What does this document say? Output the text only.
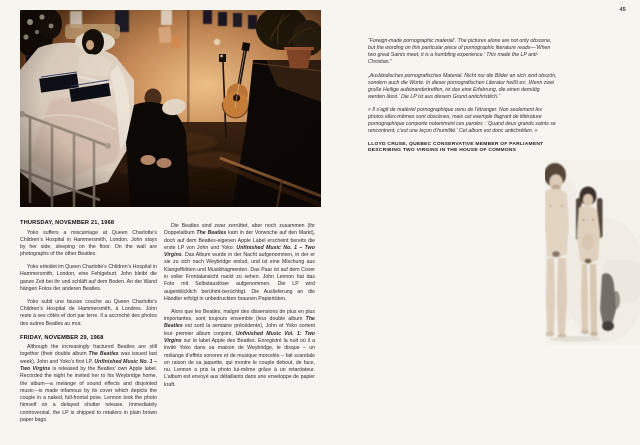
45
THURSDAY, NOVEMBER 21, 1968

Yoko suffers a miscarriage at Queen Charlotte’s Children’s Hospital in Hammersmith, London. John stays by her side, sleeping on the floor. On the wall are photographs of the other Beatles.

Yoko erleidet im Queen Charlotte’s Children’s Hospital in Hammersmith, London, eine Fehlgeburt. John bleibt die ganze Zeit bei ihr und schläft auf dem Boden. An der Wand hängen Fotos der anderen Beatles.

Yoko subit une fausse couche au Queen Charlotte’s Children’s Hospital de Hammersmith, à Londres. John reste à ses côtés et dort par terre. Il a accroché des photos des autres Beatles au mur.

FRIDAY, NOVEMBER 29, 1968

Although the increasingly fractured Beatles are still together (their double album The Beatles was issued last week), John and Yoko’s first LP, Unfinished Music No. 1 – Two Virgins is released by the Beatles’ own Apple label. Recorded the night he invited her to his Weybridge home, the album—a melange of sound effects and disjointed music—is made infamous by its cover which depicts the couple in a naked, full-frontal pose. Lennon took the photo himself on a delayed shutter release. Immediately controversial, the LP is shipped to retailers in plain brown paper bags.

Die Beatles sind zwar zerrüttet, aber noch zusammen (ihr Doppelalbum The Beatles kam in der Vorwoche auf den Markt), doch auf dem Beatles-eigenen Apple Label erscheint bereits die erste LP von John und Yoko: Unfinished Music No. 1 – Two Virgins. Das Album wurde in der Nacht aufgenommen, in der er sie zu sich nach Weybridge einlud, und ist eine Mischung aus Klangeffekten und Musikfragmenten. Das Paar ist auf dem Cover in voller Frontalansicht nackt zu sehen. John Lennon hat das Foto mit Selbstauslöser aufgenommen. Die LP wird augenblicklich berühmt-berüchtigt. Die Auslieferung an die Händler erfolgt in unbedruckten braunen Papiertüten.

Alors que les Beatles, malgré des dissensions de plus en plus importantes, sont toujours ensemble (leur double album The Beatles est sorti la semaine précédente), John et Yoko sortent leur premier album conjoint, Unfinished Music Vol. 1: Two Virgins sur le label Apple des Beatles. Enregistré la nuit où il a invité Yoko dans sa maison de Weybridge, le disque – un mélange d’effets sonores et de musique morcelés – fait scandale en raison de sa jaquette, qui montre le couple debout, de face, nu. Lennon a pris la photo lui-même grâce à un retardateur. L’album est envoyé aux détaillants dans une enveloppe de papier kraft.

“Foreign-made pornographic material’. The pictures alone are not only obscene, but the wording on this particular piece of pornographic literature reads—‘When two great Saints meet, it is a humbling experience.’ This made the LP anti-Christian.”

„Ausländisches pornografisches Material. Nicht nur die Bilder an sich sind obszön, sondern auch die Worte. In dieser pornografischen Literatur heißt es: ‚Wenn zwei große Heilige aufeinandertreffen, ist das eine Erfahrung, die einen demütig werden lässt.‘ Die LP ist aus diesem Grund antichristlich.“

« Il s’agit de matériel pornographique venu de l’étranger. Non seulement les photos elles-mêmes sont obscènes, mais cet exemple flagrant de littérature pornographique comporte notamment ces paroles : ‘Quand deux grands saints se rencontrent, c’est une leçon d’humilité.’ Cet album est donc antichrétien. »

LLOYD CRUSE, QUEBEC CONSERVATIVE MEMBER OF PARLIAMENT
DESCRIBING TWO VIRGINS IN THE HOUSE OF COMMONS
